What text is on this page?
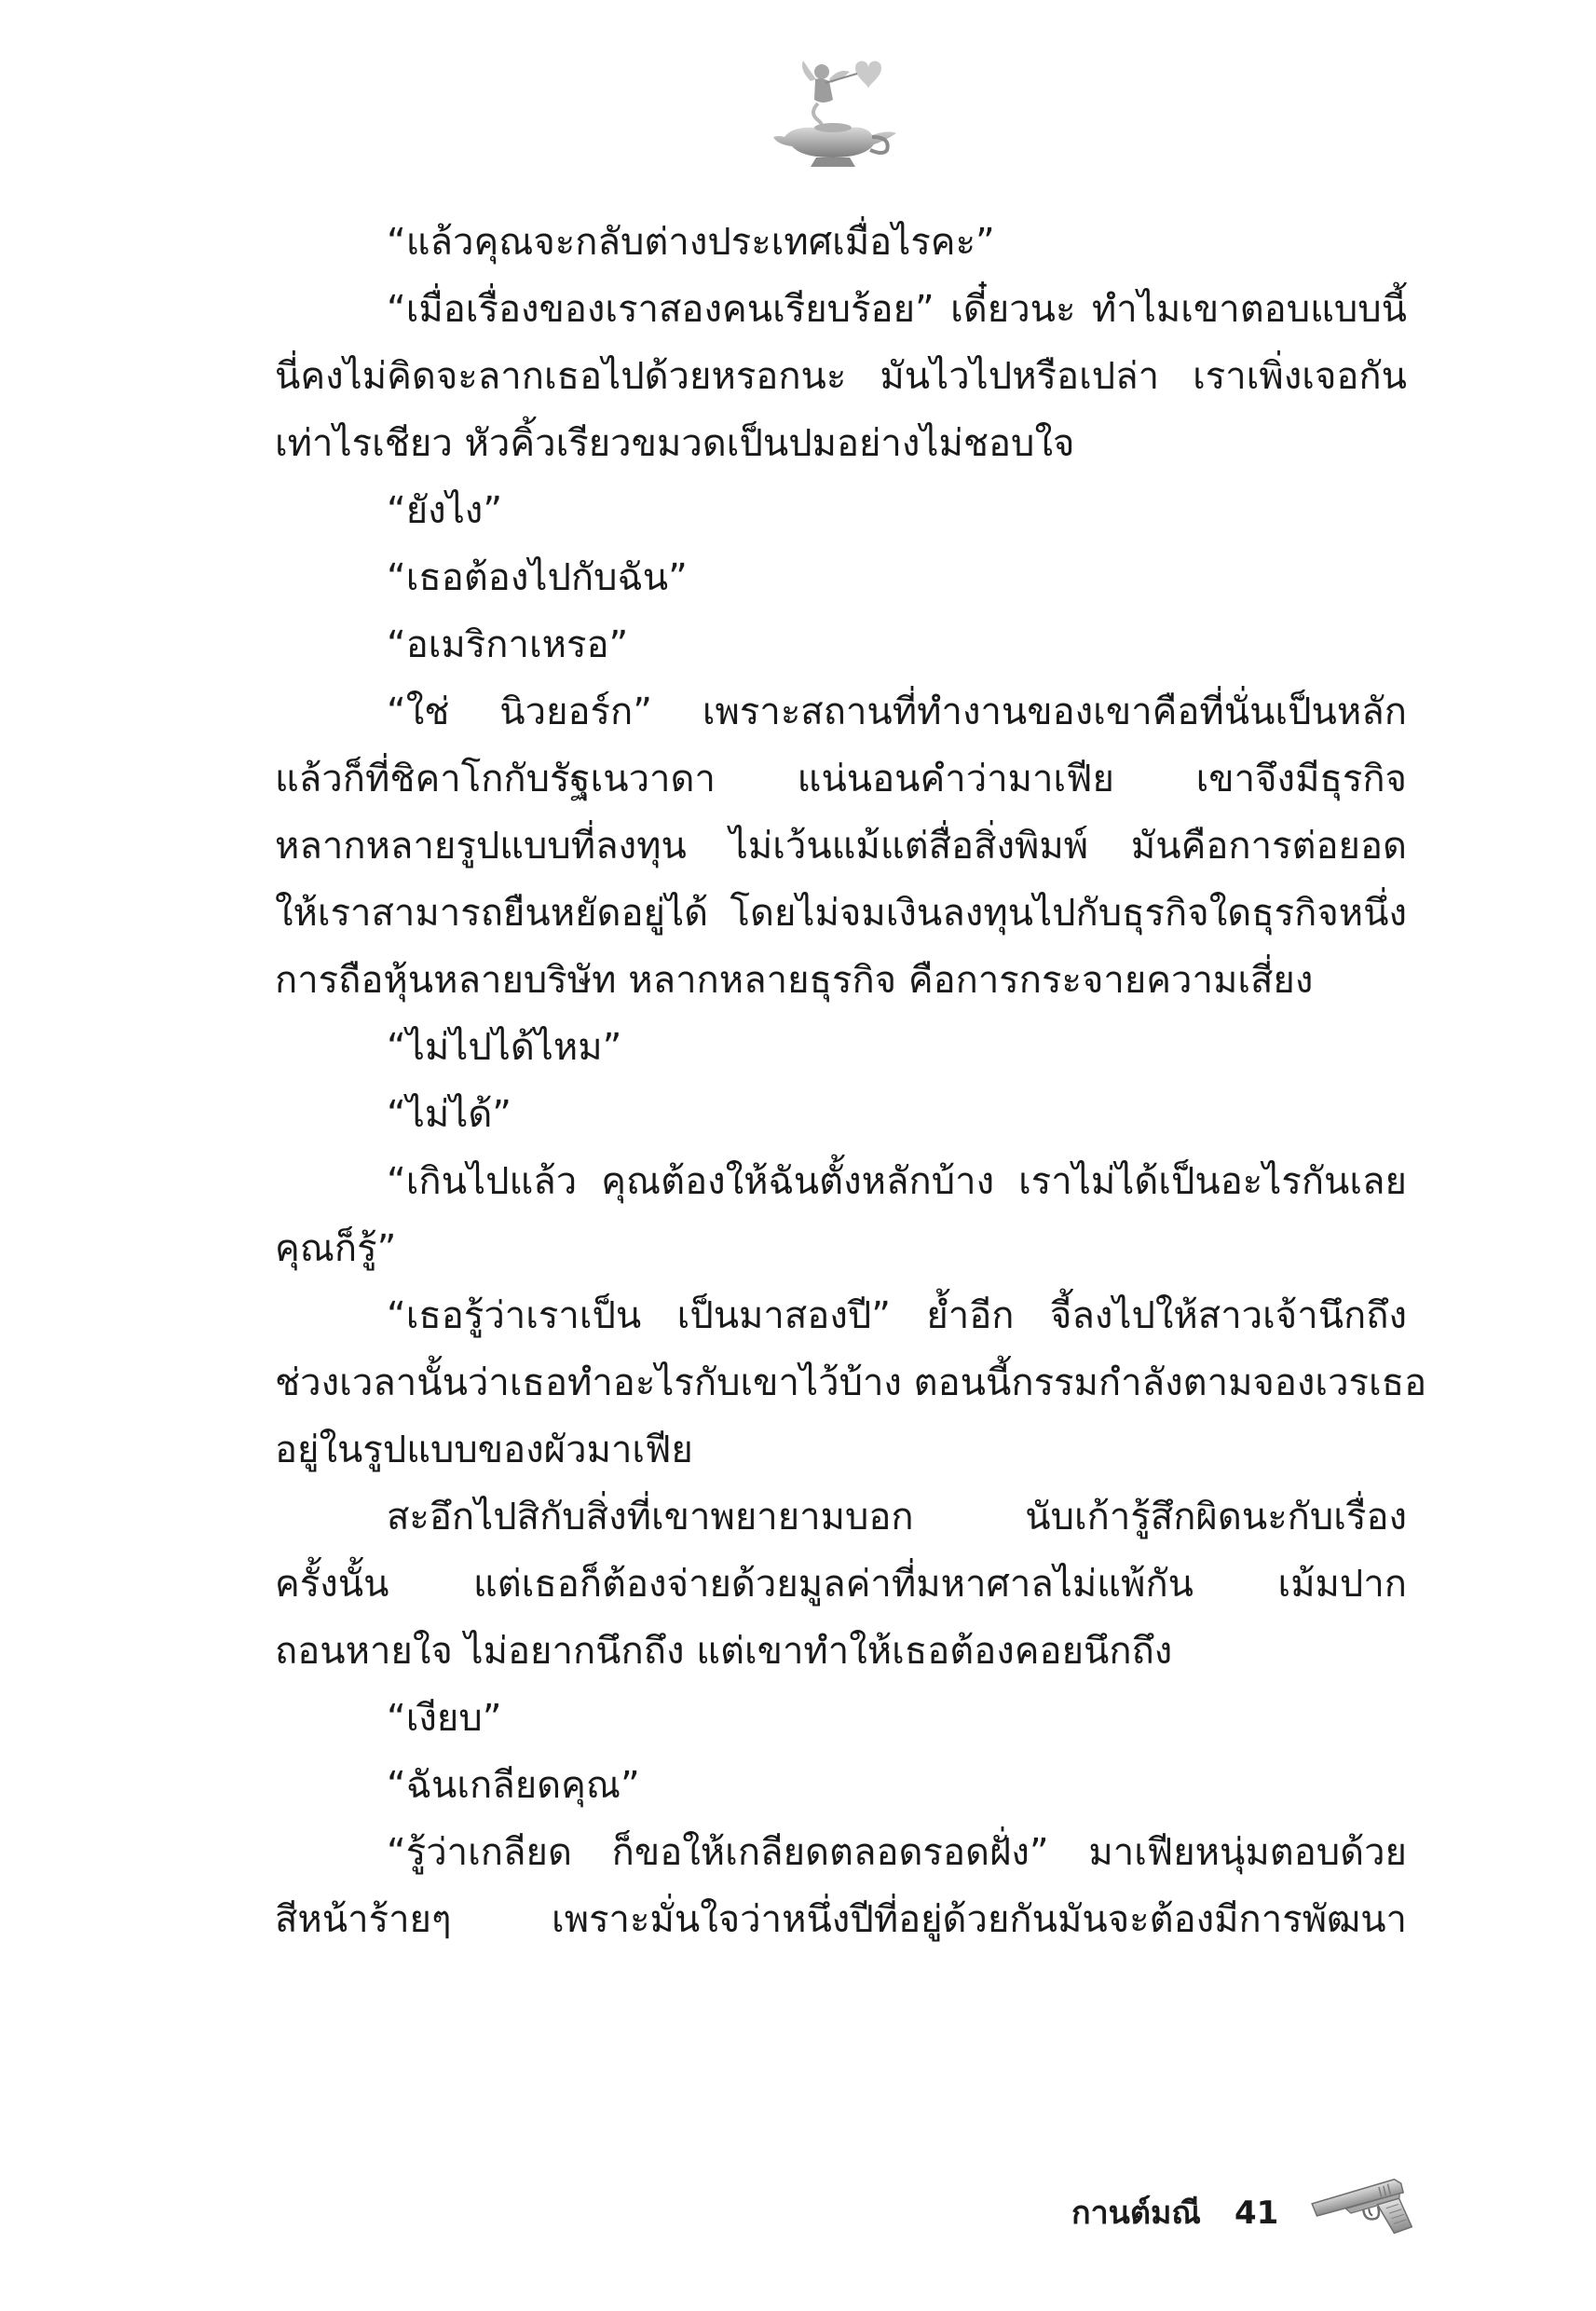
“แล้วคุณจะกลับต่างประเทศเมื่อไรคะ”
“เมื่อเรื่องของเราสองคนเรียบร้อย” เดี๋ยวนะ ทำไมเขาตอบแบบนี้
นี่คงไม่คิดจะลากเธอไปด้วยหรอกนะ มันไวไปหรือเปล่า เราเพิ่งเจอกัน
เท่าไรเชียว หัวคิ้วเรียวขมวดเป็นปมอย่างไม่ชอบใจ
“ยังไง”
“เธอต้องไปกับฉัน”
“อเมริกาเหรอ”
“ใช่ นิวยอร์ก” เพราะสถานที่ทำงานของเขาคือที่นั่นเป็นหลัก
แล้วก็ที่ชิคาโกกับรัฐเนวาดา แน่นอนคำว่ามาเฟีย เขาจึงมีธุรกิจ
หลากหลายรูปแบบที่ลงทุน ไม่เว้นแม้แต่สื่อสิ่งพิมพ์ มันคือการต่อยอด
ให้เราสามารถยืนหยัดอยู่ได้ โดยไม่จมเงินลงทุนไปกับธุรกิจใดธุรกิจหนึ่ง
การถือหุ้นหลายบริษัท หลากหลายธุรกิจ คือการกระจายความเสี่ยง
“ไม่ไปได้ไหม”
“ไม่ได้”
“เกินไปแล้ว คุณต้องให้ฉันตั้งหลักบ้าง เราไม่ได้เป็นอะไรกันเลย
คุณก็รู้”
“เธอรู้ว่าเราเป็น เป็นมาสองปี” ย้ำอีก จี้ลงไปให้สาวเจ้านึกถึง
ช่วงเวลานั้นว่าเธอทำอะไรกับเขาไว้บ้าง ตอนนี้กรรมกำลังตามจองเวรเธอ
อยู่ในรูปแบบของผัวมาเฟีย
สะอึกไปสิกับสิ่งที่เขาพยายามบอก นับเก้ารู้สึกผิดนะกับเรื่อง
ครั้งนั้น แต่เธอก็ต้องจ่ายด้วยมูลค่าที่มหาศาลไม่แพ้กัน เม้มปาก
ถอนหายใจ ไม่อยากนึกถึง แต่เขาทำให้เธอต้องคอยนึกถึง
“เงียบ”
“ฉันเกลียดคุณ”
“รู้ว่าเกลียด ก็ขอให้เกลียดตลอดรอดฝั่ง” มาเฟียหนุ่มตอบด้วย
สีหน้าร้ายๆ เพราะมั่นใจว่าหนึ่งปีที่อยู่ด้วยกันมันจะต้องมีการพัฒนา
กานต์มณี 41
